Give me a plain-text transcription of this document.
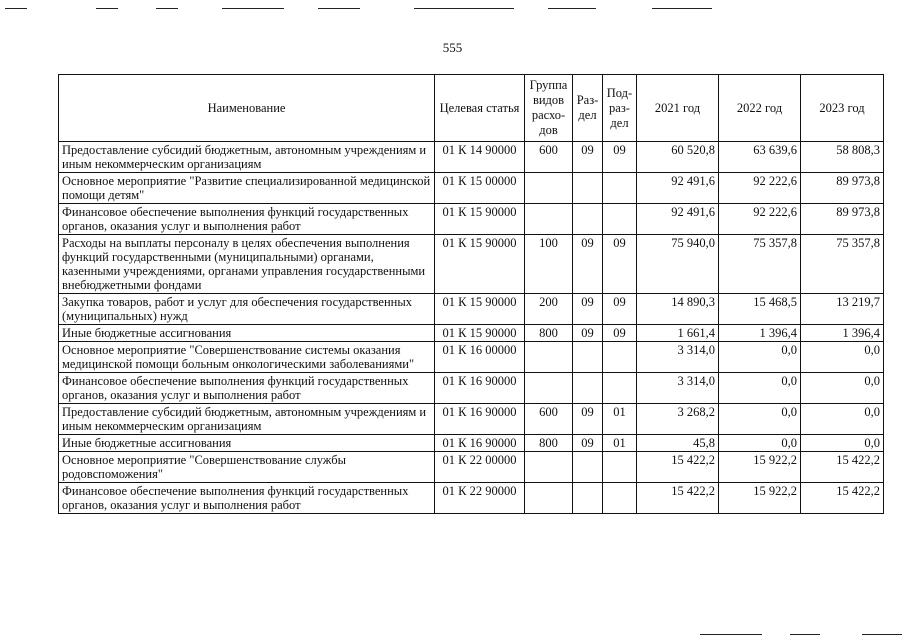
555
Наименование	Целевая статья	Группа видов расхо-дов	Раз-дел	Под-раз-дел	2021 год	2022 год	2023 год
Предоставление субсидий бюджетным, автономным учреждениям и иным некоммерческим организациям	01 К 14 90000	600	09	09	60 520,8	63 639,6	58 808,3
Основное мероприятие "Развитие специализированной медицинской помощи детям"	01 К 15 00000				92 491,6	92 222,6	89 973,8
Финансовое обеспечение выполнения функций государственных органов, оказания услуг и выполнения работ	01 К 15 90000				92 491,6	92 222,6	89 973,8
Расходы на выплаты персоналу в целях обеспечения выполнения функций государственными (муниципальными) органами, казенными учреждениями, органами управления государственными внебюджетными фондами	01 К 15 90000	100	09	09	75 940,0	75 357,8	75 357,8
Закупка товаров, работ и услуг для обеспечения государственных (муниципальных) нужд	01 К 15 90000	200	09	09	14 890,3	15 468,5	13 219,7
Иные бюджетные ассигнования	01 К 15 90000	800	09	09	1 661,4	1 396,4	1 396,4
Основное мероприятие "Совершенствование системы оказания медицинской помощи больным онкологическими заболеваниями"	01 К 16 00000				3 314,0	0,0	0,0
Финансовое обеспечение выполнения функций государственных органов, оказания услуг и выполнения работ	01 К 16 90000				3 314,0	0,0	0,0
Предоставление субсидий бюджетным, автономным учреждениям и иным некоммерческим организациям	01 К 16 90000	600	09	01	3 268,2	0,0	0,0
Иные бюджетные ассигнования	01 К 16 90000	800	09	01	45,8	0,0	0,0
Основное мероприятие "Совершенствование службы родовспоможения"	01 К 22 00000				15 422,2	15 922,2	15 422,2
Финансовое обеспечение выполнения функций государственных органов, оказания услуг и выполнения работ	01 К 22 90000				15 422,2	15 922,2	15 422,2
